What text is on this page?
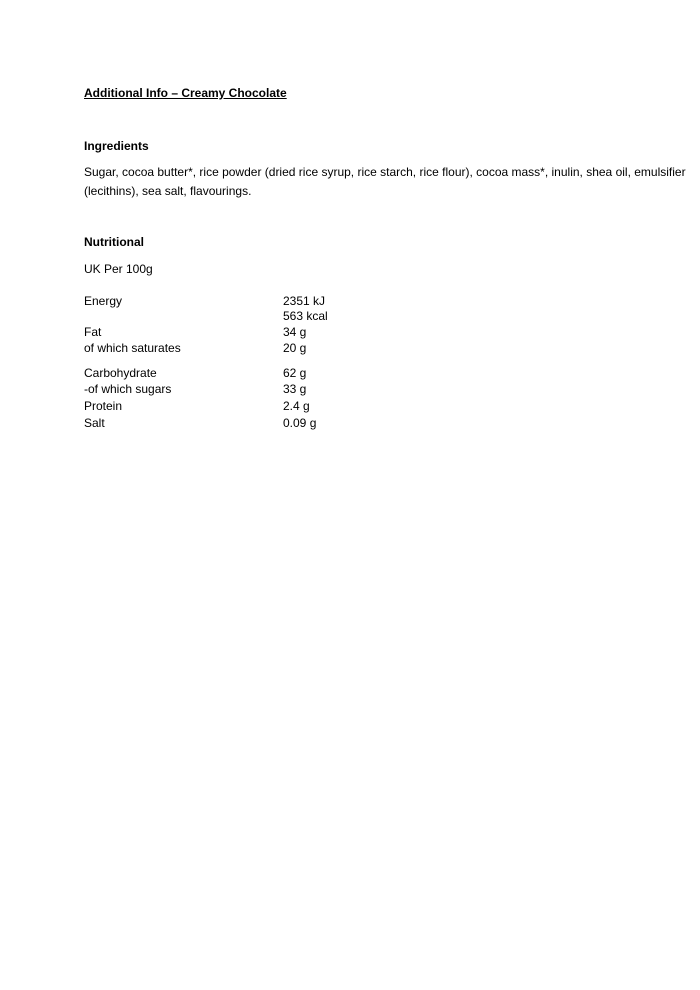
Additional Info – Creamy Chocolate
Ingredients
Sugar, cocoa butter*, rice powder (dried rice syrup, rice starch, rice flour), cocoa mass*, inulin, shea oil, emulsifier (lecithins), sea salt, flavourings.
Nutritional
UK Per 100g
Energy	2351 kJ
563 kcal
Fat	34 g
of which saturates	20 g
Carbohydrate	62 g
-of which sugars	33 g
Protein	2.4 g
Salt	0.09 g
